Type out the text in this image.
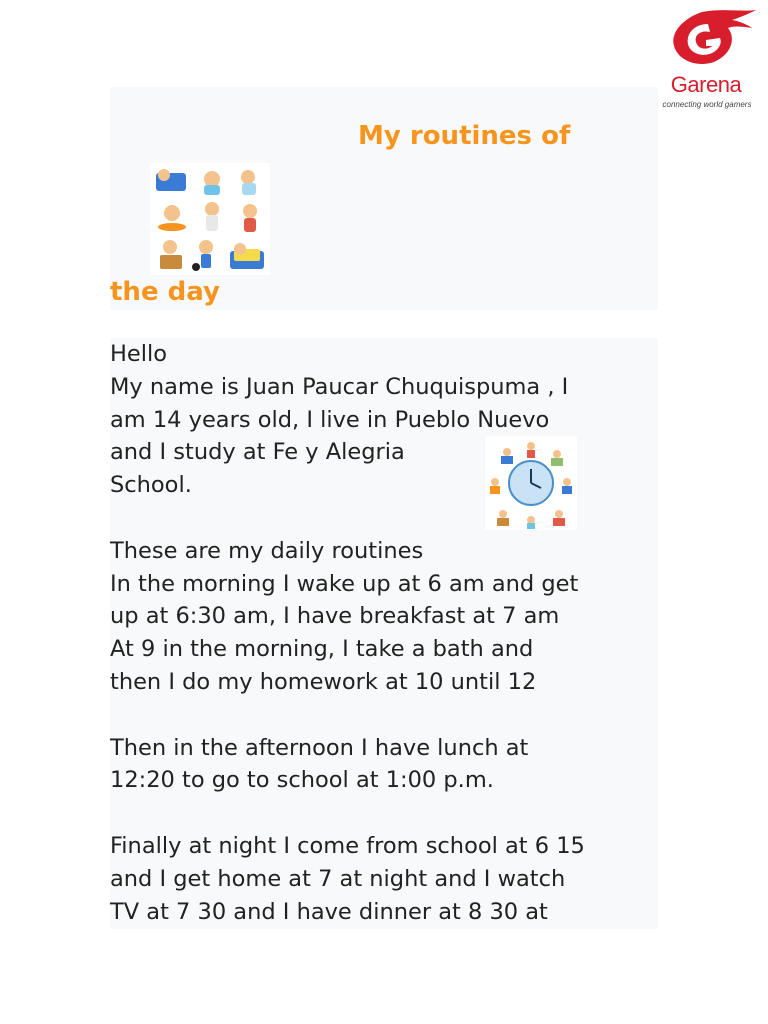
Garena
connecting world gamers
My routines of
the day

Hello
My name is Juan Paucar Chuquispuma , I
am 14 years old, I live in Pueblo Nuevo
and I study at Fe y Alegria
School.

These are my daily routines
In the morning I wake up at 6 am and get
up at 6:30 am, I have breakfast at 7 am
At 9 in the morning, I take a bath and
then I do my homework at 10 until 12

Then in the afternoon I have lunch at
12:20 to go to school at 1:00 p.m.

Finally at night I come from school at 6 15
and I get home at 7 at night and I watch
TV at 7 30 and I have dinner at 8 30 at
